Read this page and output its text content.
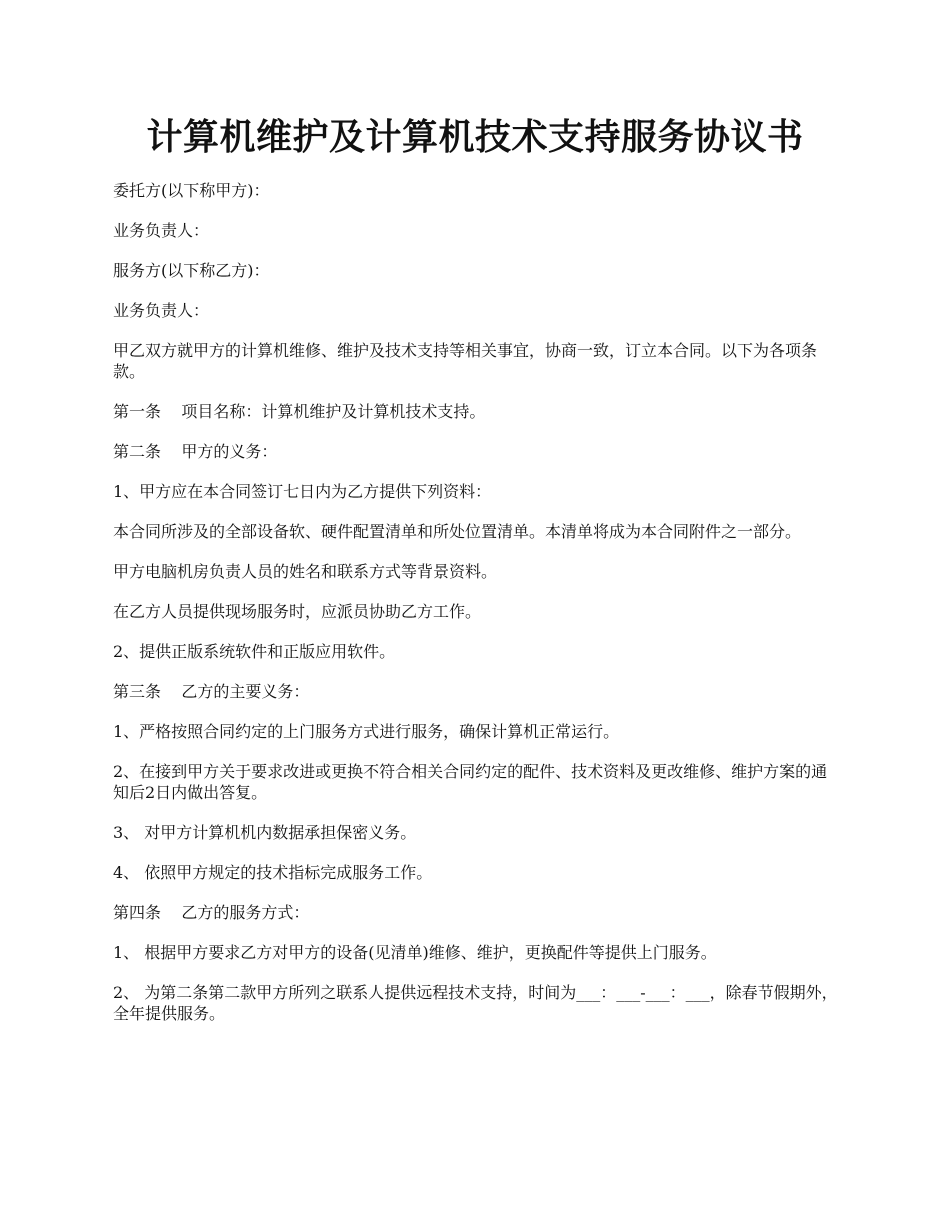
计算机维护及计算机技术支持服务协议书

委托方(以下称甲方)：

业务负责人：

服务方(以下称乙方)：

业务负责人：

甲乙双方就甲方的计算机维修、维护及技术支持等相关事宜，协商一致，订立本合同。以下为各项条款。

第一条    项目名称：计算机维护及计算机技术支持。

第二条    甲方的义务：

1、甲方应在本合同签订七日内为乙方提供下列资料：

本合同所涉及的全部设备软、硬件配置清单和所处位置清单。本清单将成为本合同附件之一部分。

甲方电脑机房负责人员的姓名和联系方式等背景资料。

在乙方人员提供现场服务时，应派员协助乙方工作。

2、提供正版系统软件和正版应用软件。

第三条    乙方的主要义务：

1、严格按照合同约定的上门服务方式进行服务，确保计算机正常运行。

2、在接到甲方关于要求改进或更换不符合相关合同约定的配件、技术资料及更改维修、维护方案的通知后2日内做出答复。

3、 对甲方计算机机内数据承担保密义务。

4、 依照甲方规定的技术指标完成服务工作。

第四条    乙方的服务方式：

1、 根据甲方要求乙方对甲方的设备(见清单)维修、维护，更换配件等提供上门服务。

2、 为第二条第二款甲方所列之联系人提供远程技术支持，时间为___：___-___：___，除春节假期外，全年提供服务。
